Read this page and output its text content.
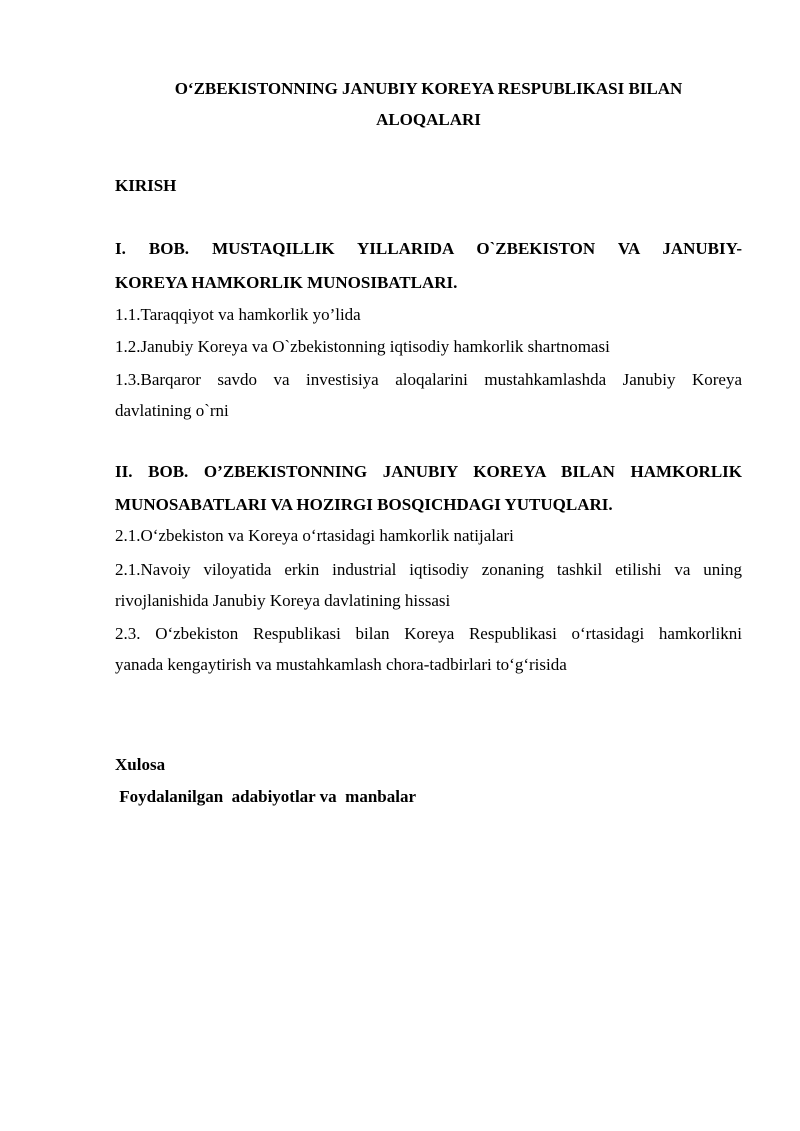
O‘ZBEKISTONNING JANUBIY KOREYA RESPUBLIKASI BILAN
ALOQALARI
KIRISH
I. BOB. MUSTAQILLIK YILLARIDA O`ZBEKISTON VA JANUBIY-
KOREYA HAMKORLIK MUNOSIBATLARI.
1.1.Taraqqiyot va hamkorlik yo’lida
1.2.Janubiy Koreya va O`zbekistonning iqtisodiy hamkorlik shartnomasi
1.3.Barqaror savdo va investisiya aloqalarini mustahkamlashda Janubiy Koreya
davlatining o`rni
II. BOB. O’ZBEKISTONNING JANUBIY KOREYA BILAN HAMKORLIK
MUNOSABATLARI VA HOZIRGI BOSQICHDAGI YUTUQLARI.
2.1.O‘zbekiston va Koreya o‘rtasidagi hamkorlik natijalari
2.1.Navoiy viloyatida erkin industrial iqtisodiy zonaning tashkil etilishi va uning
rivojlanishida Janubiy Koreya davlatining hissasi
2.3. O‘zbekiston Respublikasi bilan Koreya Respublikasi o‘rtasidagi hamkorlikni
yanada kengaytirish va mustahkamlash chora-tadbirlari to‘g‘risida
Xulosa
Foydalanilgan  adabiyotlar va  manbalar
